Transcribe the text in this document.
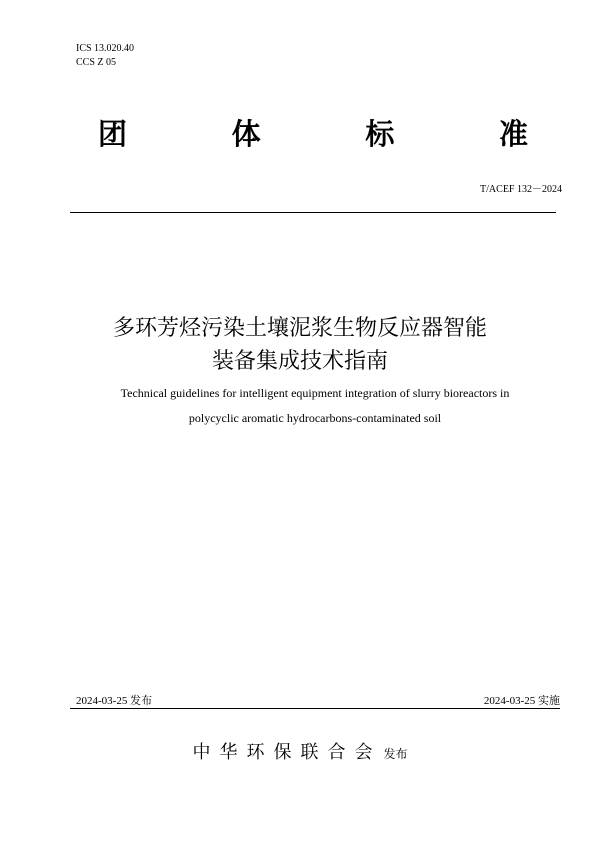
ICS 13.020.40
CCS Z 05
团	体	标	准
T/ACEF 132－2024
多环芳烃污染土壤泥浆生物反应器智能
装备集成技术指南
Technical guidelines for intelligent equipment integration of slurry bioreactors in
polycyclic aromatic hydrocarbons-contaminated soil
2024-03-25 发布	2024-03-25 实施
中华环保联合会 发布
